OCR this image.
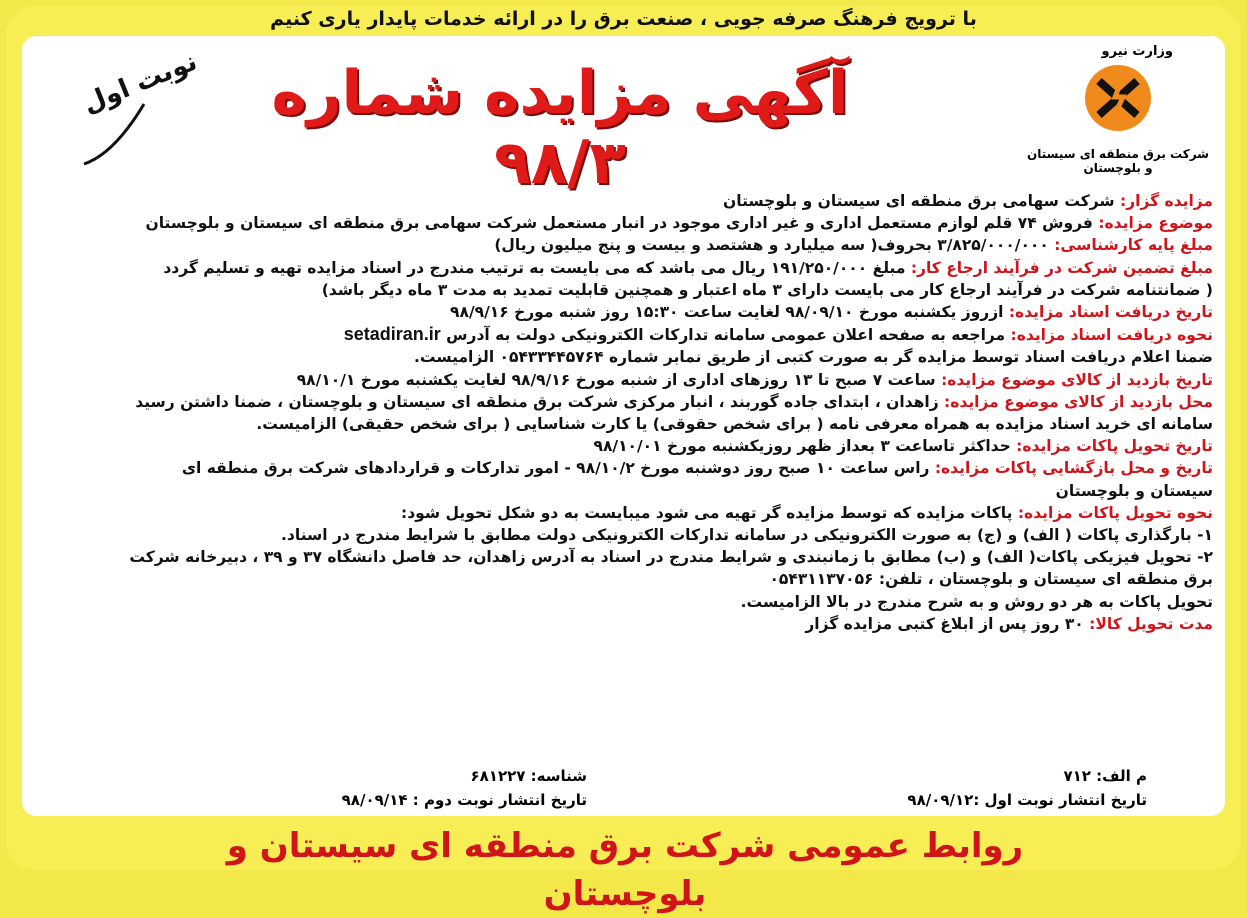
با ترویج فرهنگ صرفه جویی ، صنعت برق را در ارائه خدمات پایدار یاری کنیم
وزارت نیرو
شرکت برق منطقه ای سیستان و بلوچستان
آگهی مزایده شماره ۹۸/۳
نوبت اول
مزایده گزار: شرکت سهامی برق منطقه ای سیستان و بلوچستان
موضوع مزایده: فروش ۷۴ قلم لوازم مستعمل اداری و غیر اداری موجود در انبار مستعمل شرکت سهامی برق منطقه ای سیستان و بلوچستان
مبلغ پایه کارشناسی: ۳/۸۲۵/۰۰۰/۰۰۰ بحروف( سه میلیارد و هشتصد و بیست و پنج میلیون ریال)
مبلغ تضمین شرکت در فرآیند ارجاع کار: مبلغ ۱۹۱/۲۵۰/۰۰۰ ریال می باشد که می بایست به ترتیب مندرج در اسناد مزایده تهیه و تسلیم گردد
( ضمانتنامه شرکت در فرآیند ارجاع کار می بایست دارای ۳ ماه اعتبار و همچنین قابلیت تمدید به مدت ۳ ماه دیگر باشد)
تاریخ دریافت اسناد مزایده: ازروز یکشنبه مورخ ۹۸/۰۹/۱۰ لغایت ساعت ۱۵:۳۰ روز شنبه مورخ ۹۸/۹/۱۶
نحوه دریافت اسناد مزایده: مراجعه به صفحه اعلان عمومی سامانه تدارکات الکترونیکی دولت به آدرس setadiran.ir
ضمنا اعلام دریافت اسناد توسط مزایده گر به صورت کتبی از طریق نمابر شماره ۰۵۴۳۳۴۴۵۷۶۴ الزامیست.
تاریخ بازدید از کالای موضوع مزایده: ساعت ۷ صبح تا ۱۳ روزهای اداری از شنبه مورخ ۹۸/۹/۱۶ لغایت یکشنبه مورخ ۹۸/۱۰/۱
محل بازدید از کالای موضوع مزایده: زاهدان ، ابتدای جاده گوربند ، انبار مرکزی شرکت برق منطقه ای سیستان و بلوچستان ، ضمنا داشتن رسید
سامانه ای خرید اسناد مزایده به همراه معرفی نامه ( برای شخص حقوقی) یا کارت شناسایی ( برای شخص حقیقی) الزامیست.
تاریخ تحویل پاکات مزایده: حداکثر تاساعت ۳ بعداز ظهر روزیکشنبه مورخ ۹۸/۱۰/۰۱
تاریخ و محل بازگشایی پاکات مزایده: راس ساعت ۱۰ صبح روز دوشنبه مورخ ۹۸/۱۰/۲ - امور تدارکات و قراردادهای شرکت برق منطقه ای
سیستان و بلوچستان
نحوه تحویل پاکات مزایده: پاکات مزایده که توسط مزایده گر تهیه می شود میبایست به دو شکل تحویل شود:
۱- بارگذاری پاکات ( الف) و (ج) به صورت الکترونیکی در سامانه تدارکات الکترونیکی دولت مطابق با شرایط مندرج در اسناد.
۲- تحویل فیزیکی پاکات( الف) و (ب) مطابق با زمانبندی و شرایط مندرج در اسناد به آدرس زاهدان، حد فاصل دانشگاه ۳۷ و ۳۹ ، دبیرخانه شرکت
برق منطقه ای سیستان و بلوچستان ، تلفن: ۰۵۴۳۱۱۳۷۰۵۶
تحویل پاکات به هر دو روش و به شرح مندرج در بالا الزامیست.
مدت تحویل کالا: ۳۰ روز پس از ابلاغ کتبی مزایده گزار
م الف: ۷۱۲
تاریخ انتشار نوبت اول :۹۸/۰۹/۱۲
شناسه: ۶۸۱۲۲۷
تاریخ انتشار نوبت دوم : ۹۸/۰۹/۱۴
روابط عمومی شرکت برق منطقه ای سیستان و بلوچستان
